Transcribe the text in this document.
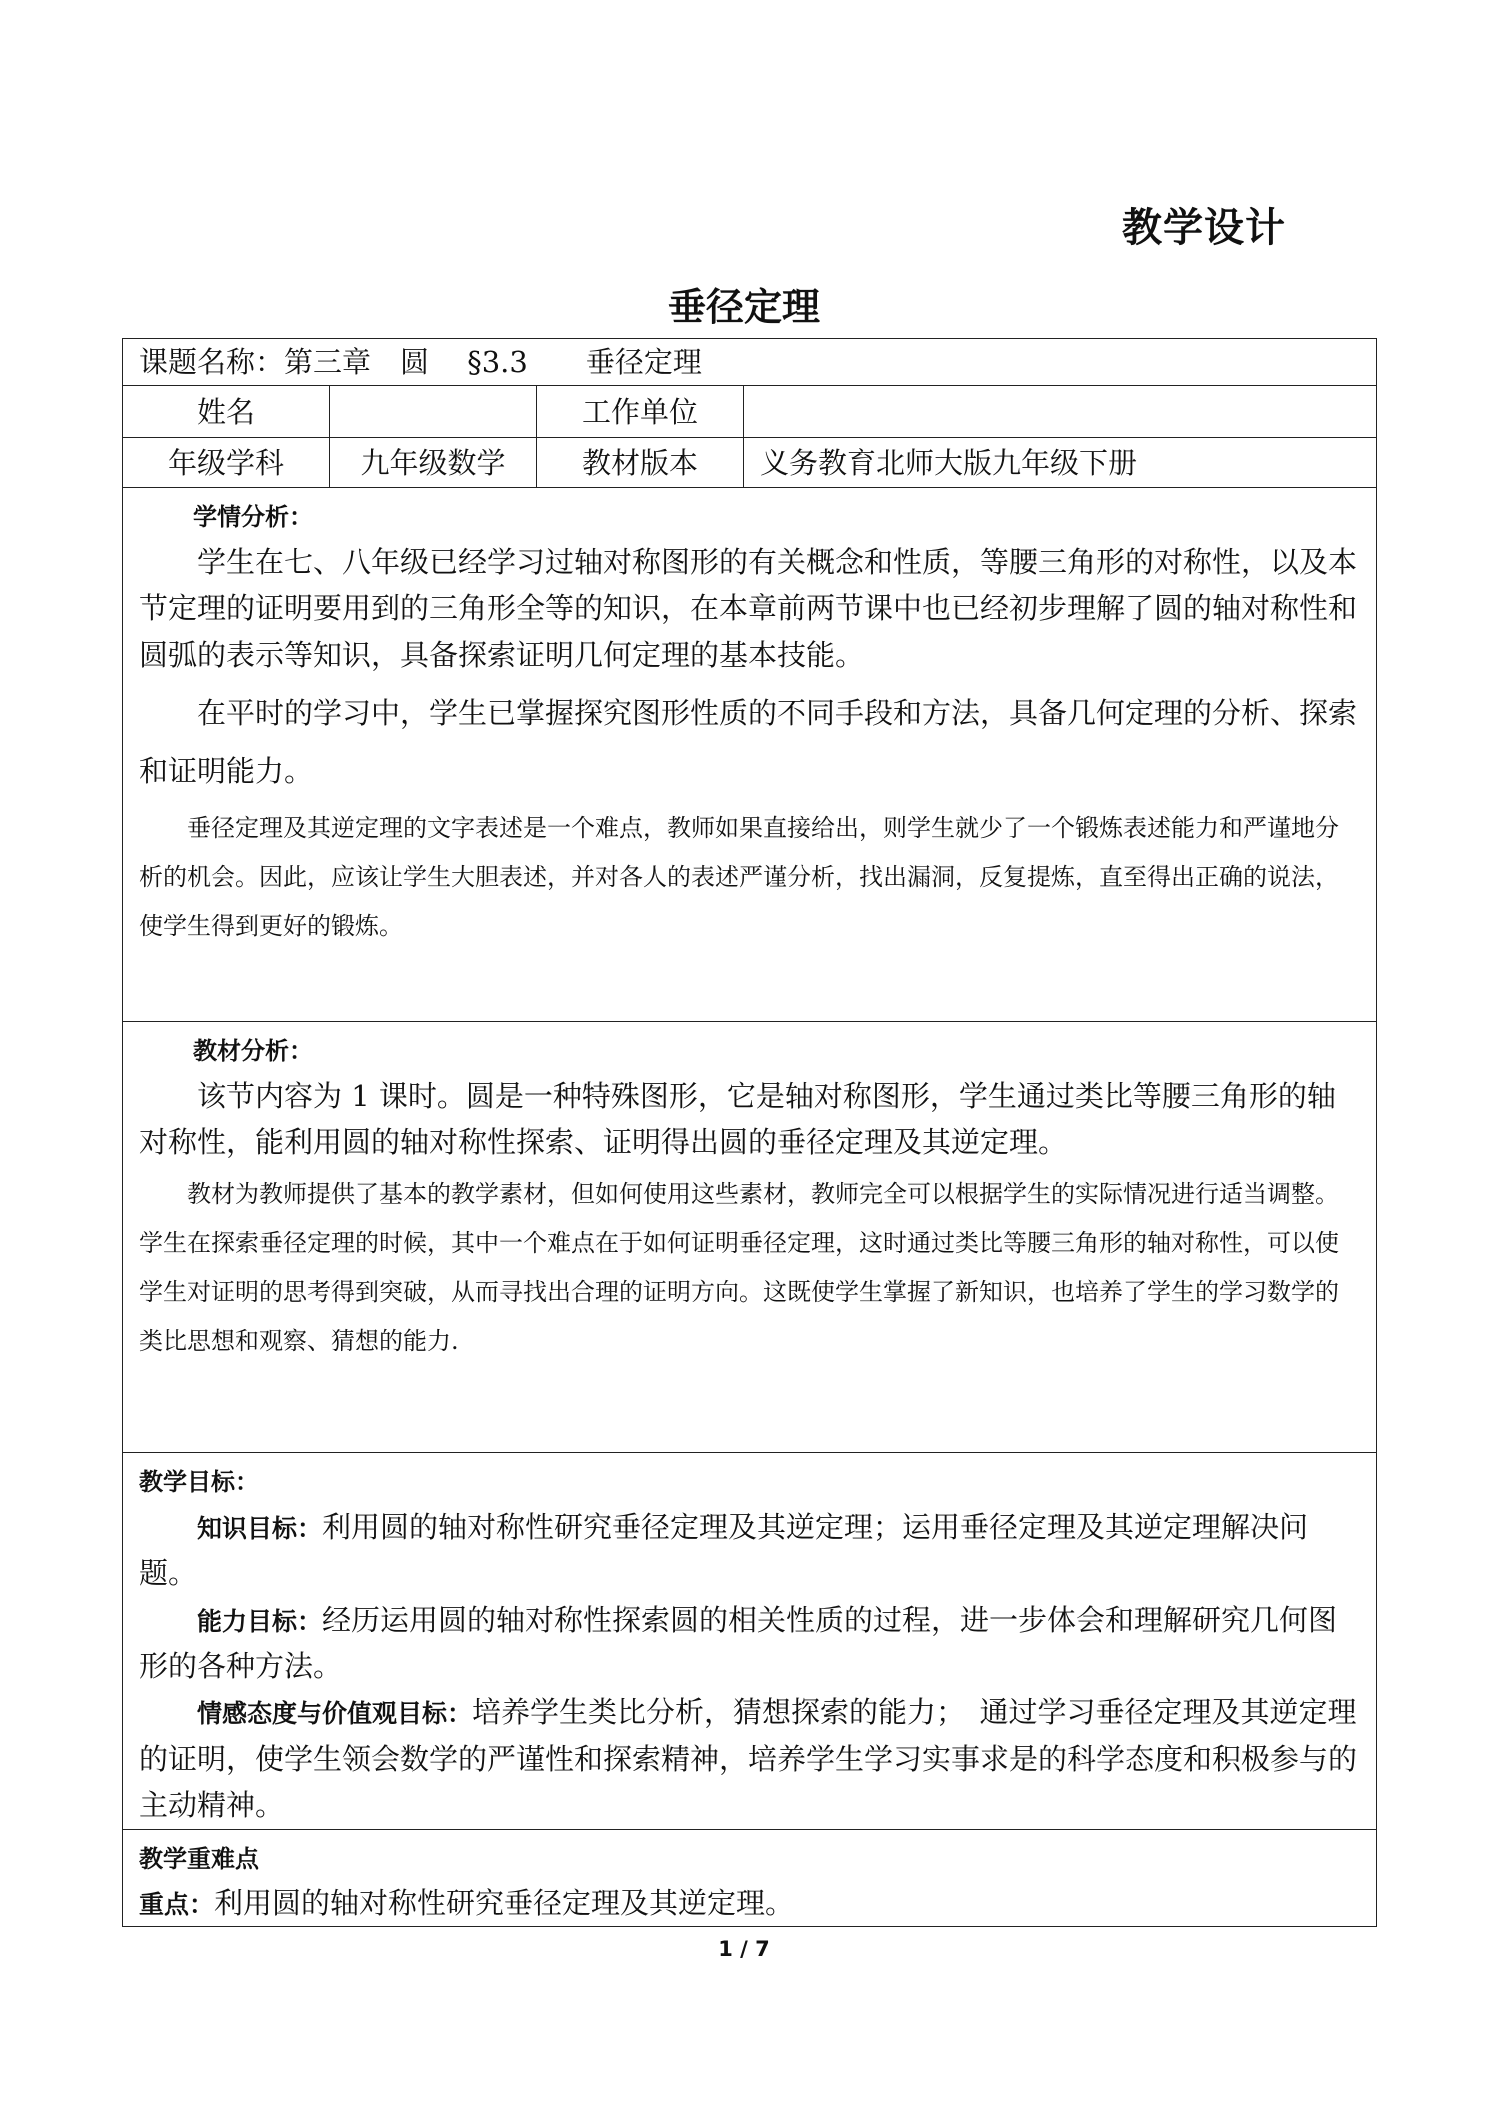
教学设计
垂径定理
课题名称：第三章　圆　 §3.3　　垂径定理			
姓名		工作单位	
年级学科	九年级数学	教材版本	义务教育北师大版九年级下册

学情分析：

学生在七、八年级已经学习过轴对称图形的有关概念和性质，等腰三角形的对称性，以及本节定理的证明要用到的三角形全等的知识，在本章前两节课中也已经初步理解了圆的轴对称性和圆弧的表示等知识，具备探索证明几何定理的基本技能。

在平时的学习中，学生已掌握探究图形性质的不同手段和方法，具备几何定理的分析、探索和证明能力。

垂径定理及其逆定理的文字表述是一个难点，教师如果直接给出，则学生就少了一个锻炼表述能力和严谨地分析的机会。因此，应该让学生大胆表述，并对各人的表述严谨分析，找出漏洞，反复提炼，直至得出正确的说法，使学生得到更好的锻炼。			

教材分析：

该节内容为 1 课时。圆是一种特殊图形，它是轴对称图形，学生通过类比等腰三角形的轴对称性，能利用圆的轴对称性探索、证明得出圆的垂径定理及其逆定理。

教材为教师提供了基本的教学素材，但如何使用这些素材，教师完全可以根据学生的实际情况进行适当调整。学生在探索垂径定理的时候，其中一个难点在于如何证明垂径定理，这时通过类比等腰三角形的轴对称性，可以使学生对证明的思考得到突破，从而寻找出合理的证明方向。这既使学生掌握了新知识，也培养了学生的学习数学的类比思想和观察、猜想的能力.			

教学目标：

知识目标：利用圆的轴对称性研究垂径定理及其逆定理；运用垂径定理及其逆定理解决问题。

能力目标：经历运用圆的轴对称性探索圆的相关性质的过程，进一步体会和理解研究几何图形的各种方法。

情感态度与价值观目标：培养学生类比分析，猜想探索的能力；　通过学习垂径定理及其逆定理的证明，使学生领会数学的严谨性和探索精神，培养学生学习实事求是的科学态度和积极参与的主动精神。			

教学重难点

重点：利用圆的轴对称性研究垂径定理及其逆定理。			

1 / 7
